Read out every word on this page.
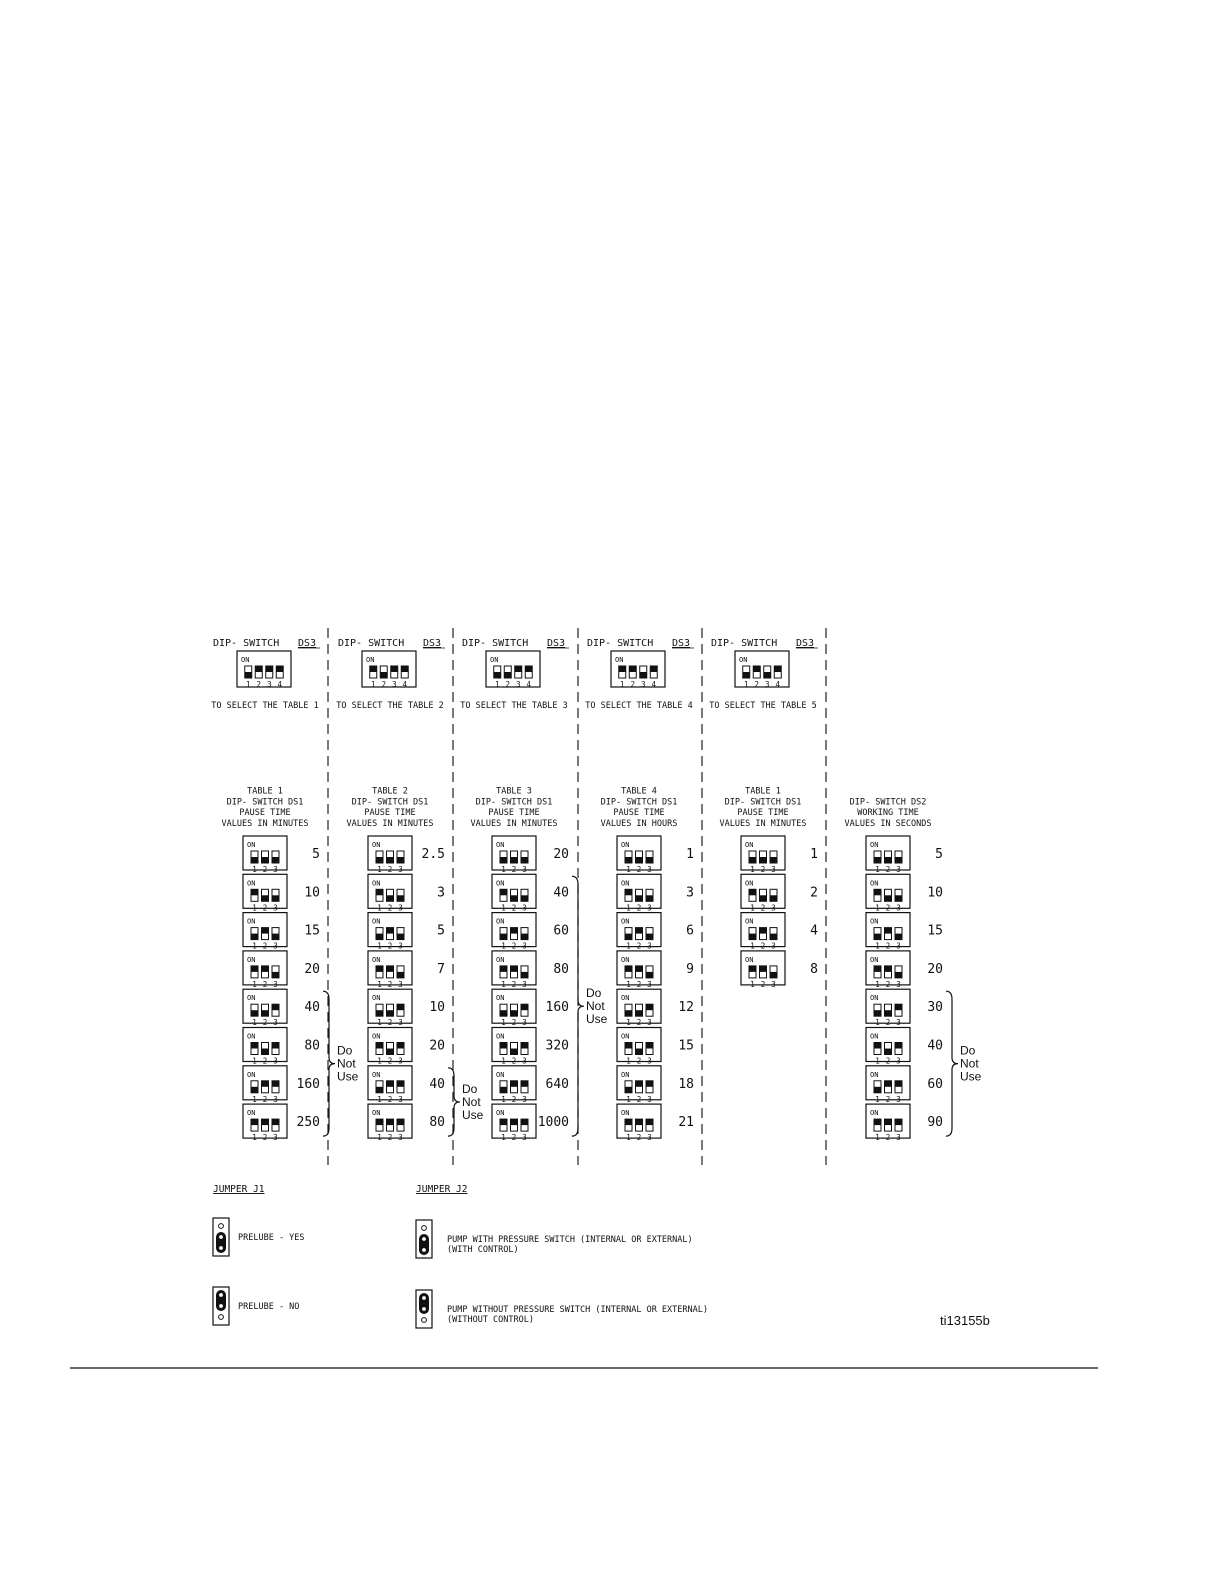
DIP- SWITCH DS3
ON
1 2 3 4
TO SELECT THE TABLE 1
DIP- SWITCH DS3
ON
1 2 3 4
TO SELECT THE TABLE 2
DIP- SWITCH DS3
ON
1 2 3 4
TO SELECT THE TABLE 3
DIP- SWITCH DS3
ON
1 2 3 4
TO SELECT THE TABLE 4
DIP- SWITCH DS3
ON
1 2 3 4
TO SELECT THE TABLE 5
TABLE 1
DIP- SWITCH DS1
PAUSE TIME
VALUES IN MINUTES
ON
1 2 3
5
ON
1 2 3
10
ON
1 2 3
15
ON
1 2 3
20
ON
1 2 3
40
ON
1 2 3
80
ON
1 2 3
160
ON
1 2 3
250
Do
Not
Use
TABLE 2
DIP- SWITCH DS1
PAUSE TIME
VALUES IN MINUTES
ON
1 2 3
2.5
ON
1 2 3
3
ON
1 2 3
5
ON
1 2 3
7
ON
1 2 3
10
ON
1 2 3
20
ON
1 2 3
40
ON
1 2 3
80
Do
Not
Use
TABLE 3
DIP- SWITCH DS1
PAUSE TIME
VALUES IN MINUTES
ON
1 2 3
20
ON
1 2 3
40
ON
1 2 3
60
ON
1 2 3
80
ON
1 2 3
160
ON
1 2 3
320
ON
1 2 3
640
ON
1 2 3
1000
Do
Not
Use
TABLE 4
DIP- SWITCH DS1
PAUSE TIME
VALUES IN HOURS
ON
1 2 3
1
ON
1 2 3
3
ON
1 2 3
6
ON
1 2 3
9
ON
1 2 3
12
ON
1 2 3
15
ON
1 2 3
18
ON
1 2 3
21
TABLE 1
DIP- SWITCH DS1
PAUSE TIME
VALUES IN MINUTES
ON
1 2 3
1
ON
1 2 3
2
ON
1 2 3
4
ON
1 2 3
8
DIP- SWITCH DS2
WORKING TIME
VALUES IN SECONDS
ON
1 2 3
5
ON
1 2 3
10
ON
1 2 3
15
ON
1 2 3
20
ON
1 2 3
30
ON
1 2 3
40
ON
1 2 3
60
ON
1 2 3
90
Do
Not
Use
JUMPER J1
PRELUBE - YES
PRELUBE - NO
JUMPER J2
PUMP WITH PRESSURE SWITCH (INTERNAL OR EXTERNAL)
(WITH CONTROL)
PUMP WITHOUT PRESSURE SWITCH (INTERNAL OR EXTERNAL)
(WITHOUT CONTROL)	ti13155b
